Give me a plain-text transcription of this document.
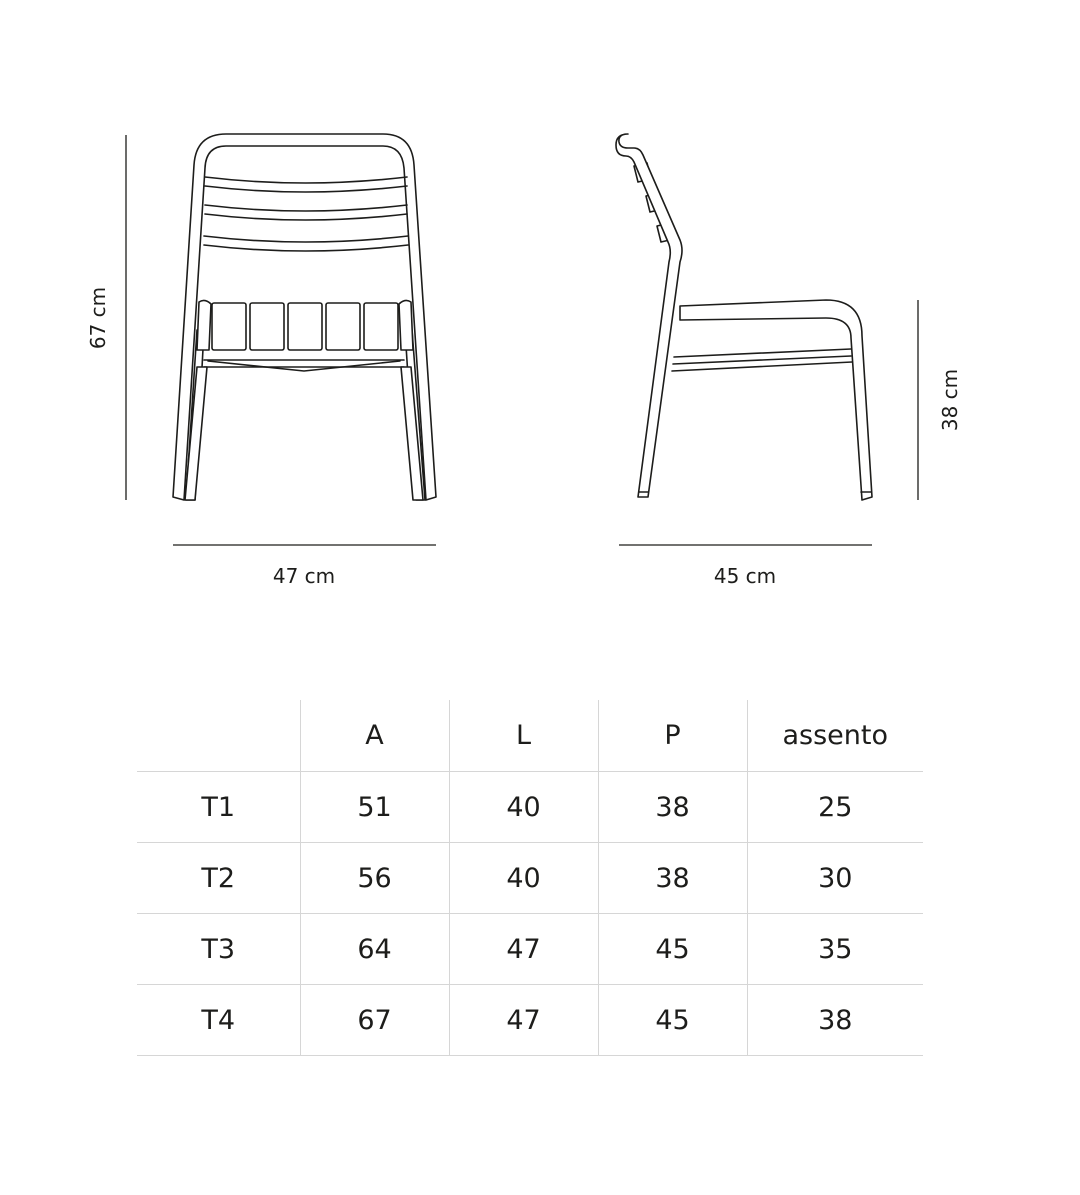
67 cm
47 cm
38 cm
45 cm
	A	L	P	assento
T1	51	40	38	25
T2	56	40	38	30
T3	64	47	45	35
T4	67	47	45	38
